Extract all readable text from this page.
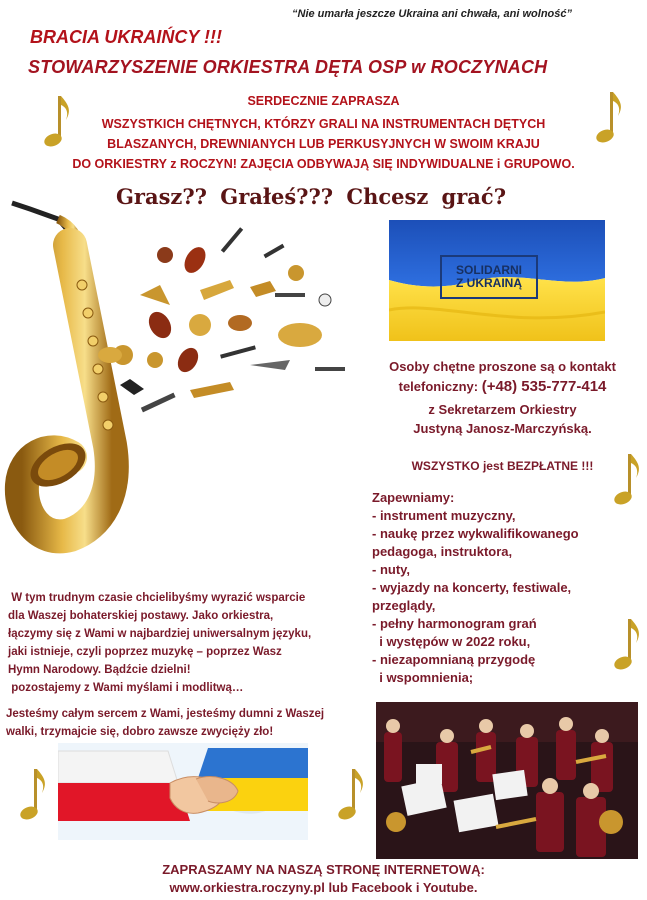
“Nie umarła jeszcze Ukraina ani chwała, ani wolność”
BRACIA UKRAIŃCY !!!
STOWARZYSZENIE ORKIESTRA DĘTA OSP w ROCZYNACH
SERDECZNIE ZAPRASZA
WSZYSTKICH CHĘTNYCH, KTÓRZY GRALI NA INSTRUMENTACH DĘTYCH
BLASZANYCH, DREWNIANYCH LUB PERKUSYJNYCH W SWOIM KRAJU
DO ORKIESTRY z ROCZYN! ZAJĘCIA ODBYWAJĄ SIĘ INDYWIDUALNE i GRUPOWO.
Grasz?? Grałeś??? Chcesz grać?
SOLIDARNI
Z UKRAINĄ
Osoby chętne proszone są o kontakt
telefoniczny: (+48) 535-777-414
z Sekretarzem Orkiestry
Justyną Janosz-Marczyńską.
WSZYSTKO jest BEZPŁATNE !!!
Zapewniamy:
- instrument muzyczny,
- naukę przez wykwalifikowanego
pedagoga, instruktora,
- nuty,
- wyjazdy na koncerty, festiwale,
przeglądy,
- pełny harmonogram grań
i występów w 2022 roku,
- niezapomnianą przygodę
i wspomnienia;
W tym trudnym czasie chcielibyśmy wyrazić wsparcie
dla Waszej bohaterskiej postawy. Jako orkiestra,
łączymy się z Wami w najbardziej uniwersalnym języku,
jaki istnieje, czyli poprzez muzykę – poprzez Wasz
Hymn Narodowy. Bądźcie dzielni!
pozostajemy z Wami myślami i modlitwą…
Jesteśmy całym sercem z Wami, jesteśmy dumni z Waszej
walki, trzymajcie się, dobro zawsze zwycięży zło!
ZAPRASZAMY NA NASZĄ STRONĘ INTERNETOWĄ:
www.orkiestra.roczyny.pl lub Facebook i Youtube.
